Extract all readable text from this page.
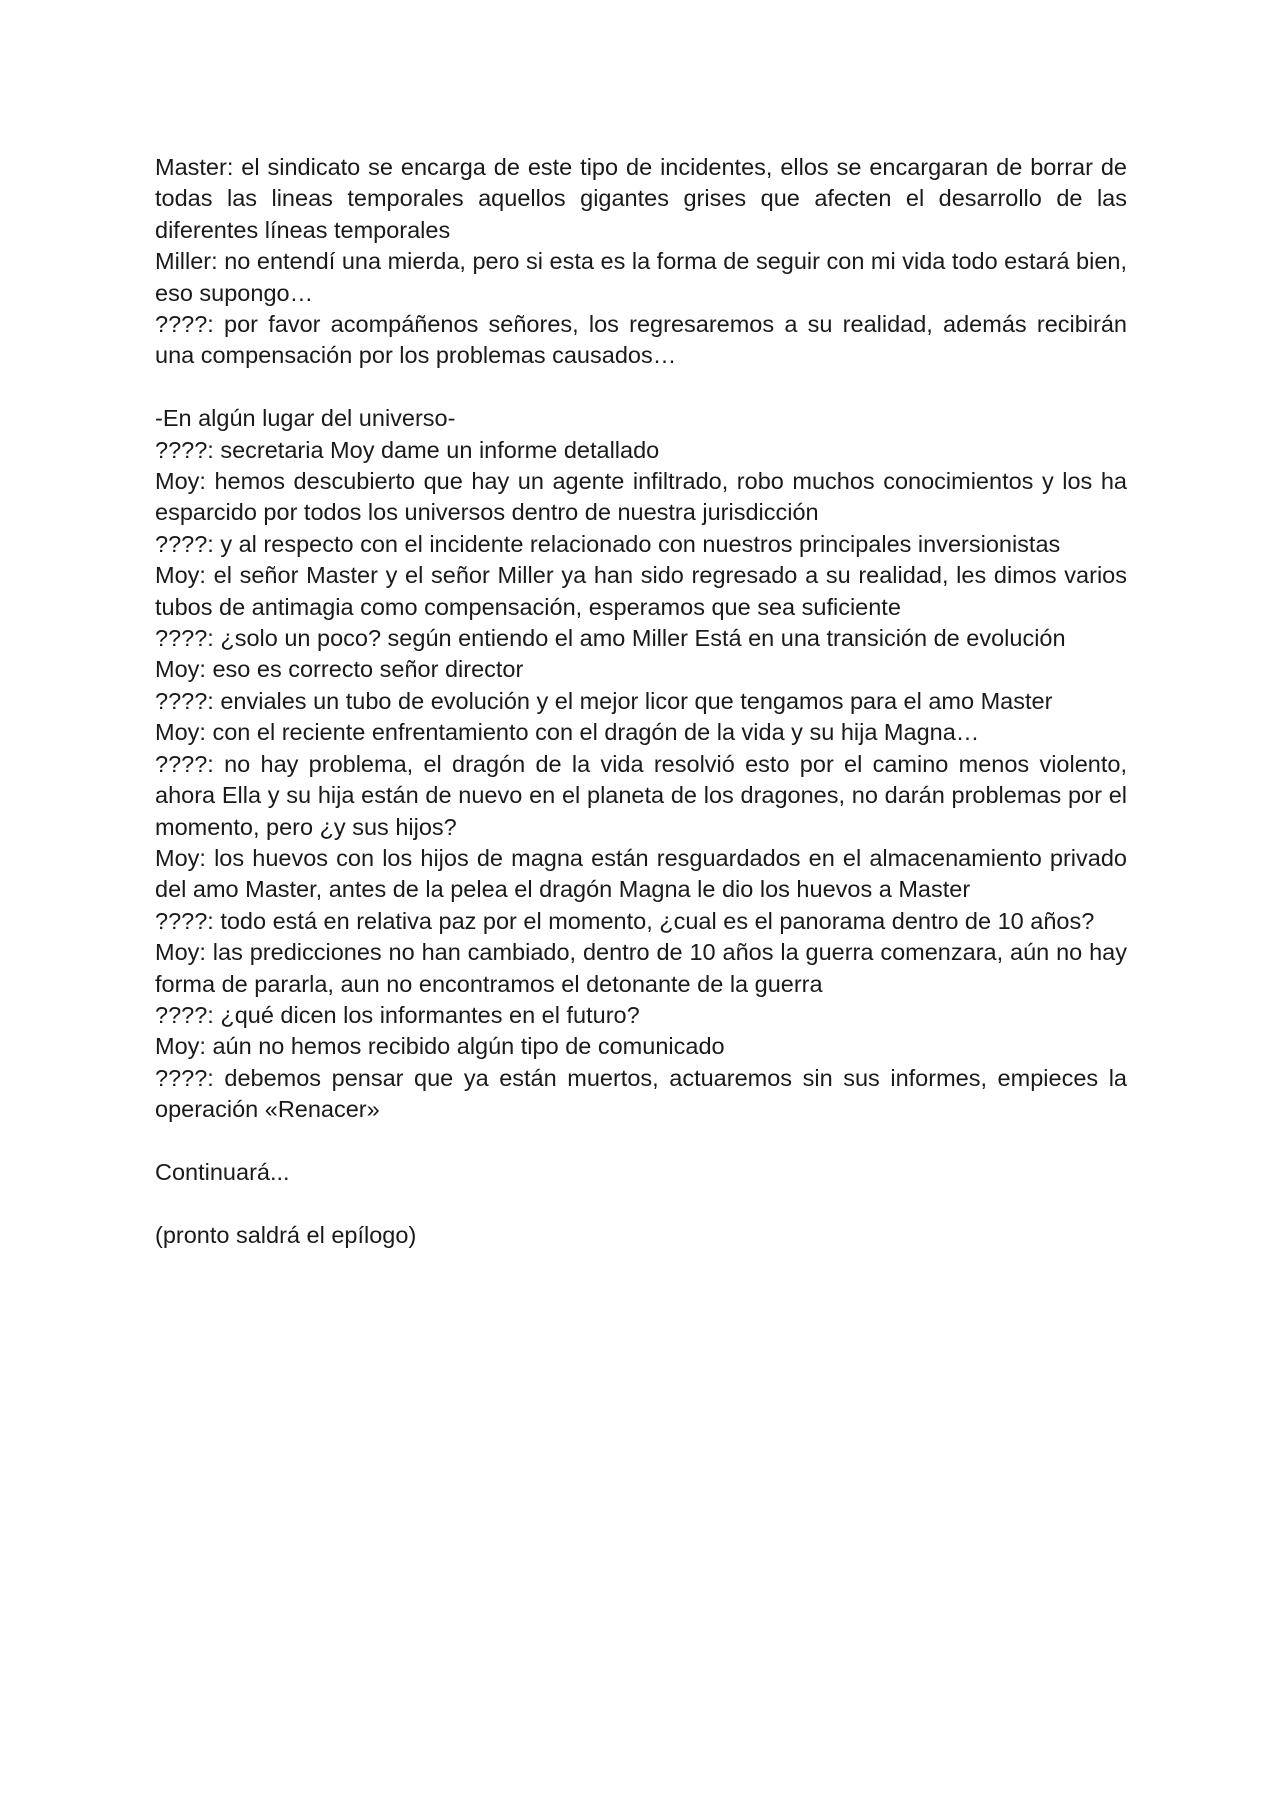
Master: el sindicato se encarga de este tipo de incidentes, ellos se encargaran de borrar de todas las lineas temporales aquellos gigantes grises que afecten el desarrollo de las diferentes líneas temporales

Miller: no entendí una mierda, pero si esta es la forma de seguir con mi vida todo estará bien, eso supongo…

????: por favor acompáñenos señores, los regresaremos a su realidad, además recibirán una compensación por los problemas causados…

-En algún lugar del universo-

????: secretaria Moy dame un informe detallado

Moy: hemos descubierto que hay un agente infiltrado, robo muchos conocimientos y los ha esparcido por todos los universos dentro de nuestra jurisdicción

????: y al respecto con el incidente relacionado con nuestros principales inversionistas

Moy: el señor Master y el señor Miller ya han sido regresado a su realidad, les dimos varios tubos de antimagia como compensación, esperamos que sea suficiente

????: ¿solo un poco? según entiendo el amo Miller Está en una transición de evolución

Moy: eso es correcto señor director

????: enviales un tubo de evolución y el mejor licor que tengamos para el amo Master

Moy: con el reciente enfrentamiento con el dragón de la vida y su hija Magna…

????: no hay problema, el dragón de la vida resolvió esto por el camino menos violento, ahora Ella y su hija están de nuevo en el planeta de los dragones, no darán problemas por el momento, pero ¿y sus hijos?

Moy: los huevos con los hijos de magna están resguardados en el almacenamiento privado del amo Master, antes de la pelea el dragón Magna le dio los huevos a Master

????: todo está en relativa paz por el momento, ¿cual es el panorama dentro de 10 años?

Moy: las predicciones no han cambiado, dentro de 10 años la guerra comenzara, aún no hay forma de pararla, aun no encontramos el detonante de la guerra

????: ¿qué dicen los informantes en el futuro?

Moy: aún no hemos recibido algún tipo de comunicado

????: debemos pensar que ya están muertos, actuaremos sin sus informes, empieces la operación «Renacer»

Continuará...

(pronto saldrá el epílogo)
